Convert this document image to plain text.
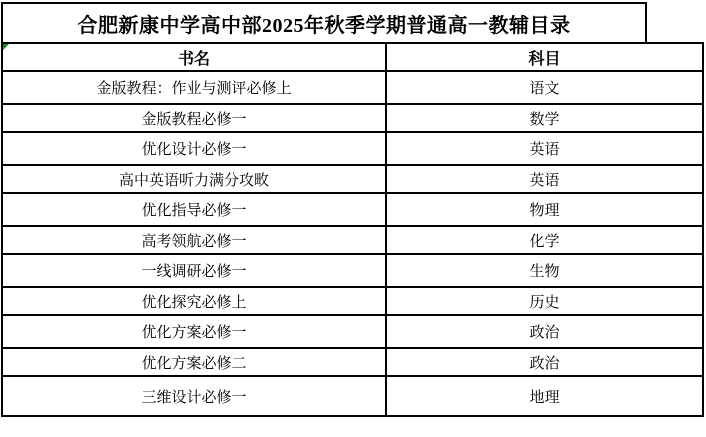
合肥新康中学高中部2025年秋季学期普通高一教辅目录
书名	科目
金版教程：作业与测评必修上	语文
金版教程必修一	数学
优化设计必修一	英语
高中英语听力满分攻畋	英语
优化指导必修一	物理
高考领航必修一	化学
一线调研必修一	生物
优化探究必修上	历史
优化方案必修一	政治
优化方案必修二	政治
三维设计必修一	地理
